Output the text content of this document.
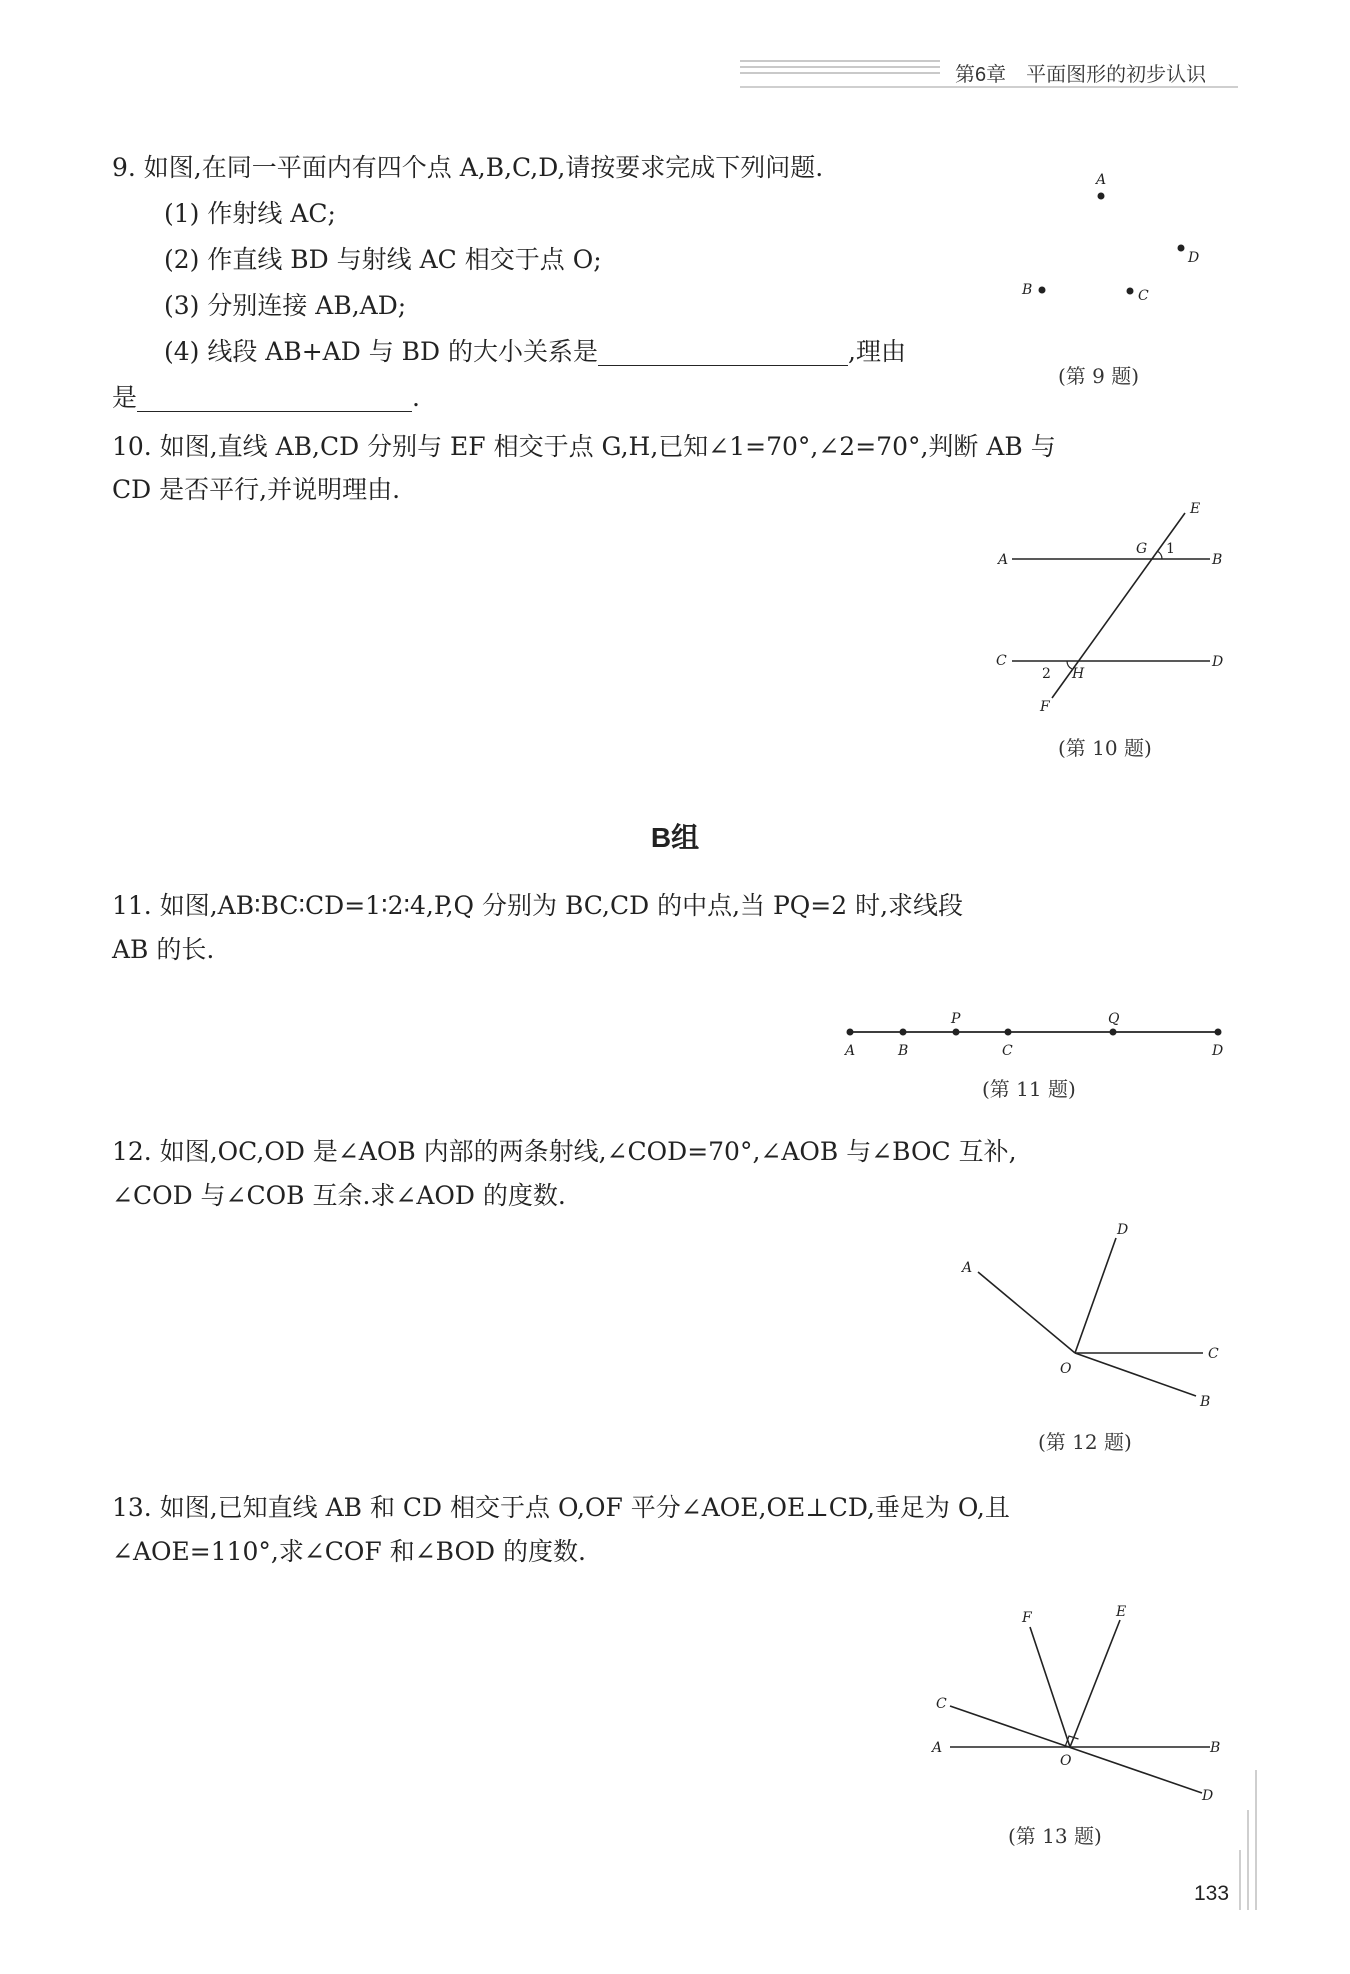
第6章　平面图形的初步认识
9. 如图,在同一平面内有四个点 A,B,C,D,请按要求完成下列问题.
(1) 作射线 AC;
(2) 作直线 BD 与射线 AC 相交于点 O;
(3) 分别连接 AB,AD;
(4) 线段 AB+AD 与 BD 的大小关系是____________________,理由
是______________________.
A
D
B	C
(第 9 题)
10. 如图,直线 AB,CD 分别与 EF 相交于点 G,H,已知∠1=70°,∠2=70°,判断 AB 与
CD 是否平行,并说明理由.
E
A	B
G 1
C	D
2 H
F
(第 10 题)
B组
11. 如图,AB∶BC∶CD=1∶2∶4,P,Q 分别为 BC,CD 的中点,当 PQ=2 时,求线段
AB 的长.
A	B
P
C
Q
D
(第 11 题)
12. 如图,OC,OD 是∠AOB 内部的两条射线,∠COD=70°,∠AOB 与∠BOC 互补,
∠COD 与∠COB 互余.求∠AOD 的度数.
A
D
C
B
O
(第 12 题)
13. 如图,已知直线 AB 和 CD 相交于点 O,OF 平分∠AOE,OE⊥CD,垂足为 O,且
∠AOE=110°,求∠COF 和∠BOD 的度数.
F	E
C
A	B
O
D
(第 13 题)
133
